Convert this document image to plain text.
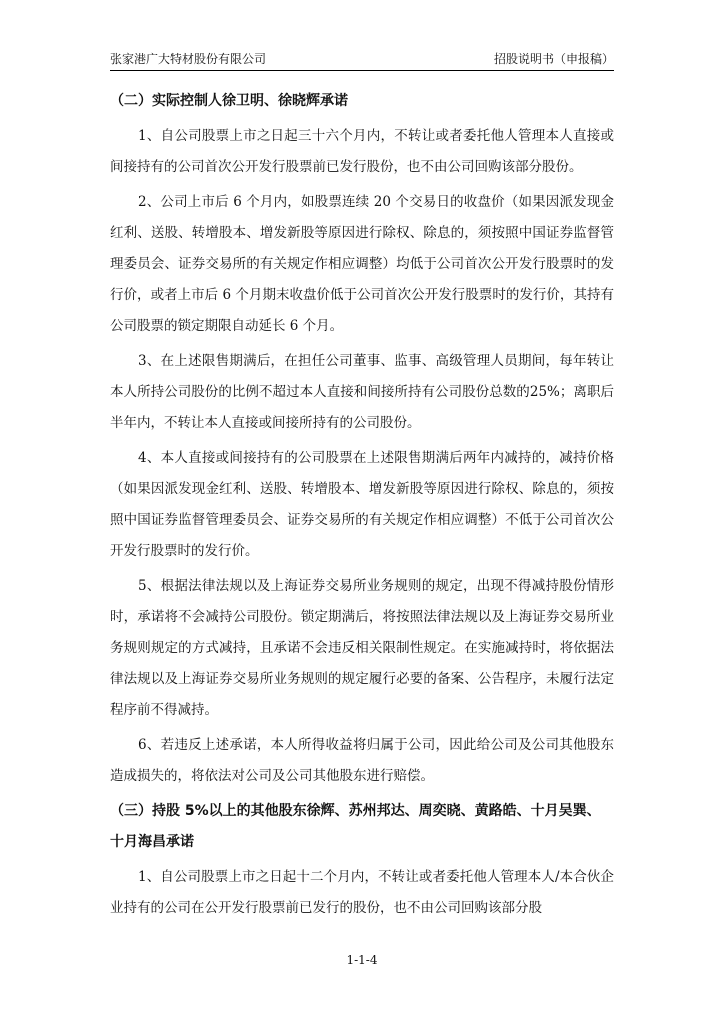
张家港广大特材股份有限公司	招股说明书（申报稿）
（二）实际控制人徐卫明、徐晓辉承诺

1、自公司股票上市之日起三十六个月内，不转让或者委托他人管理本人直接或间接持有的公司首次公开发行股票前已发行股份，也不由公司回购该部分股份。

2、公司上市后 6 个月内，如股票连续 20 个交易日的收盘价（如果因派发现金红利、送股、转增股本、增发新股等原因进行除权、除息的，须按照中国证券监督管理委员会、证券交易所的有关规定作相应调整）均低于公司首次公开发行股票时的发行价，或者上市后 6 个月期末收盘价低于公司首次公开发行股票时的发行价，其持有公司股票的锁定期限自动延长 6 个月。

3、在上述限售期满后，在担任公司董事、监事、高级管理人员期间，每年转让本人所持公司股份的比例不超过本人直接和间接所持有公司股份总数的25%；离职后半年内，不转让本人直接或间接所持有的公司股份。

4、本人直接或间接持有的公司股票在上述限售期满后两年内减持的，减持价格（如果因派发现金红利、送股、转增股本、增发新股等原因进行除权、除息的，须按照中国证券监督管理委员会、证券交易所的有关规定作相应调整）不低于公司首次公开发行股票时的发行价。

5、根据法律法规以及上海证券交易所业务规则的规定，出现不得减持股份情形时，承诺将不会减持公司股份。锁定期满后，将按照法律法规以及上海证券交易所业务规则规定的方式减持，且承诺不会违反相关限制性规定。在实施减持时，将依据法律法规以及上海证券交易所业务规则的规定履行必要的备案、公告程序，未履行法定程序前不得减持。

6、若违反上述承诺，本人所得收益将归属于公司，因此给公司及公司其他股东造成损失的，将依法对公司及公司其他股东进行赔偿。

（三）持股 5%以上的其他股东徐辉、苏州邦达、周奕晓、黄路皓、十月吴巽、十月海昌承诺

1、自公司股票上市之日起十二个月内，不转让或者委托他人管理本人/本合伙企业持有的公司在公开发行股票前已发行的股份，也不由公司回购该部分股

1-1-4
